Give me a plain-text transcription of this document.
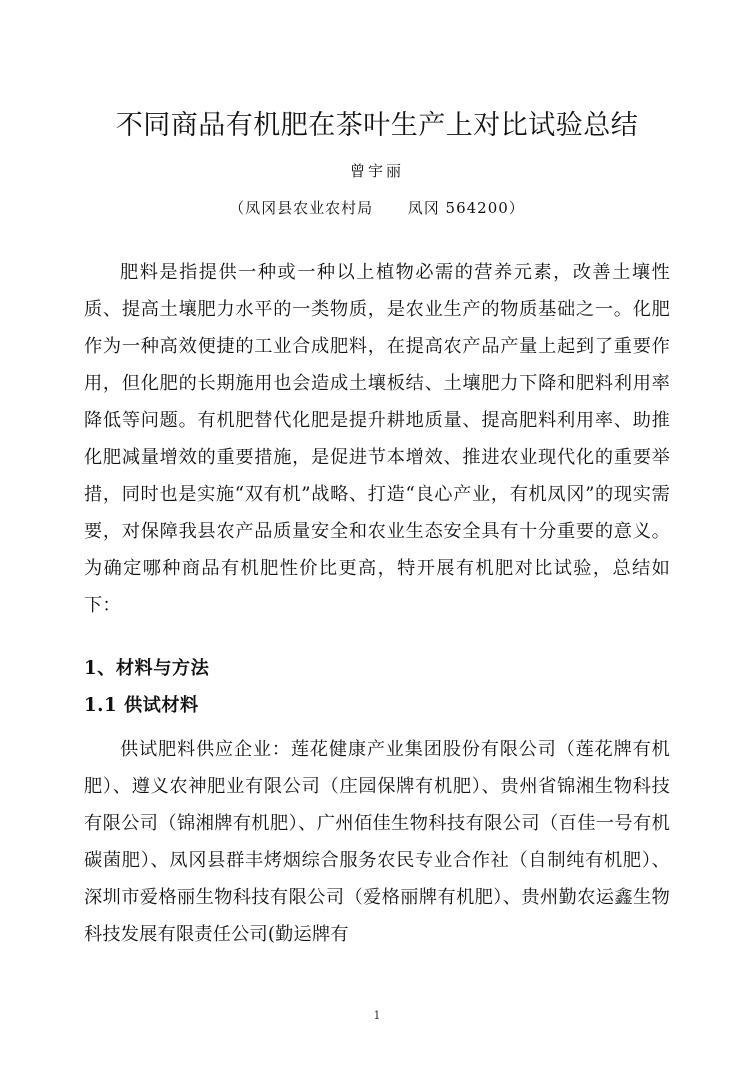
不同商品有机肥在茶叶生产上对比试验总结
曾宇丽
（凤冈县农业农村局      凤冈 564200）
肥料是指提供一种或一种以上植物必需的营养元素，改善土壤性质、提高土壤肥力水平的一类物质，是农业生产的物质基础之一。化肥作为一种高效便捷的工业合成肥料，在提高农产品产量上起到了重要作用，但化肥的长期施用也会造成土壤板结、土壤肥力下降和肥料利用率降低等问题。有机肥替代化肥是提升耕地质量、提高肥料利用率、助推化肥减量增效的重要措施，是促进节本增效、推进农业现代化的重要举措，同时也是实施“双有机”战略、打造“良心产业，有机凤冈”的现实需要，对保障我县农产品质量安全和农业生态安全具有十分重要的意义。为确定哪种商品有机肥性价比更高，特开展有机肥对比试验，总结如下：
1、材料与方法
1.1 供试材料
供试肥料供应企业：莲花健康产业集团股份有限公司（莲花牌有机肥）、遵义农神肥业有限公司（庄园保牌有机肥）、贵州省锦湘生物科技有限公司（锦湘牌有机肥）、广州佰佳生物科技有限公司（百佳一号有机碳菌肥）、凤冈县群丰烤烟综合服务农民专业合作社（自制纯有机肥）、深圳市爱格丽生物科技有限公司（爱格丽牌有机肥）、贵州勤农运鑫生物科技发展有限责任公司(勤运牌有
1
